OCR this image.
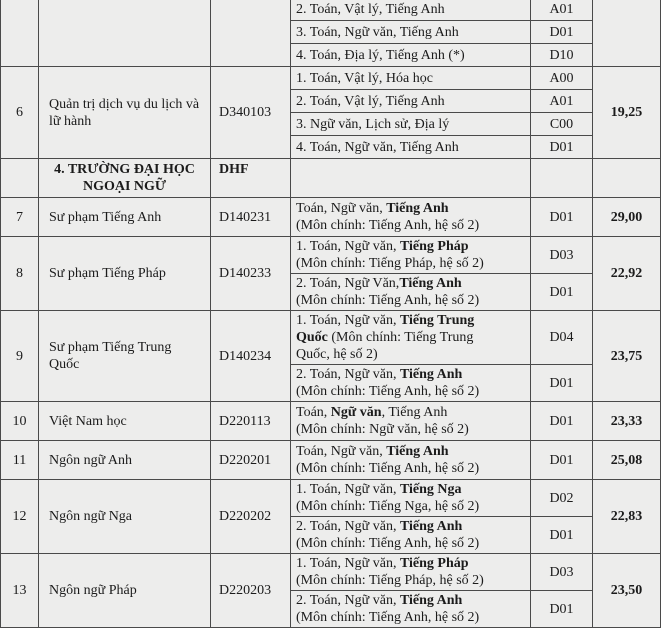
			2. Toán, Vật lý, Tiếng Anh	A01	
			3. Toán, Ngữ văn, Tiếng Anh	D01	
			4. Toán, Địa lý, Tiếng Anh (*)	D10	
6	Quản trị dịch vụ du lịch và lữ hành	D340103	1. Toán, Vật lý, Hóa học	A00	19,25
			2. Toán, Vật lý, Tiếng Anh	A01	
			3. Ngữ văn, Lịch sử, Địa lý	C00	
			4. Toán, Ngữ văn, Tiếng Anh	D01	
	4. TRƯỜNG ĐẠI HỌC NGOẠI NGỮ	DHF			
7	Sư phạm Tiếng Anh	D140231	Toán, Ngữ văn, Tiếng Anh
(Môn chính: Tiếng Anh, hệ số 2)	D01	29,00
8	Sư phạm Tiếng Pháp	D140233	1. Toán, Ngữ văn, Tiếng Pháp
(Môn chính: Tiếng Pháp, hệ số 2)	D03	22,92

			2. Toán, Ngữ Văn,Tiếng Anh
(Môn chính: Tiếng Anh, hệ số 2)	D01	
9	Sư phạm Tiếng Trung Quốc	D140234	1. Toán, Ngữ văn, Tiếng Trung
Quốc (Môn chính: Tiếng Trung
Quốc, hệ số 2)	D04	23,75

			2. Toán, Ngữ văn, Tiếng Anh
(Môn chính: Tiếng Anh, hệ số 2)	D01	
10	Việt Nam học	D220113	Toán, Ngữ văn, Tiếng Anh
(Môn chính: Ngữ văn, hệ số 2)	D01	23,33
11	Ngôn ngữ Anh	D220201	Toán, Ngữ văn, Tiếng Anh
(Môn chính: Tiếng Anh, hệ số 2)	D01	25,08
12	Ngôn ngữ Nga	D220202	1. Toán, Ngữ văn, Tiếng Nga
(Môn chính: Tiếng Nga, hệ số 2)	D02	22,83

			2. Toán, Ngữ văn, Tiếng Anh
(Môn chính: Tiếng Anh, hệ số 2)	D01	
13	Ngôn ngữ Pháp	D220203	1. Toán, Ngữ văn, Tiếng Pháp
(Môn chính: Tiếng Pháp, hệ số 2)	D03	23,50

			2. Toán, Ngữ văn, Tiếng Anh
(Môn chính: Tiếng Anh, hệ số 2)	D01	
